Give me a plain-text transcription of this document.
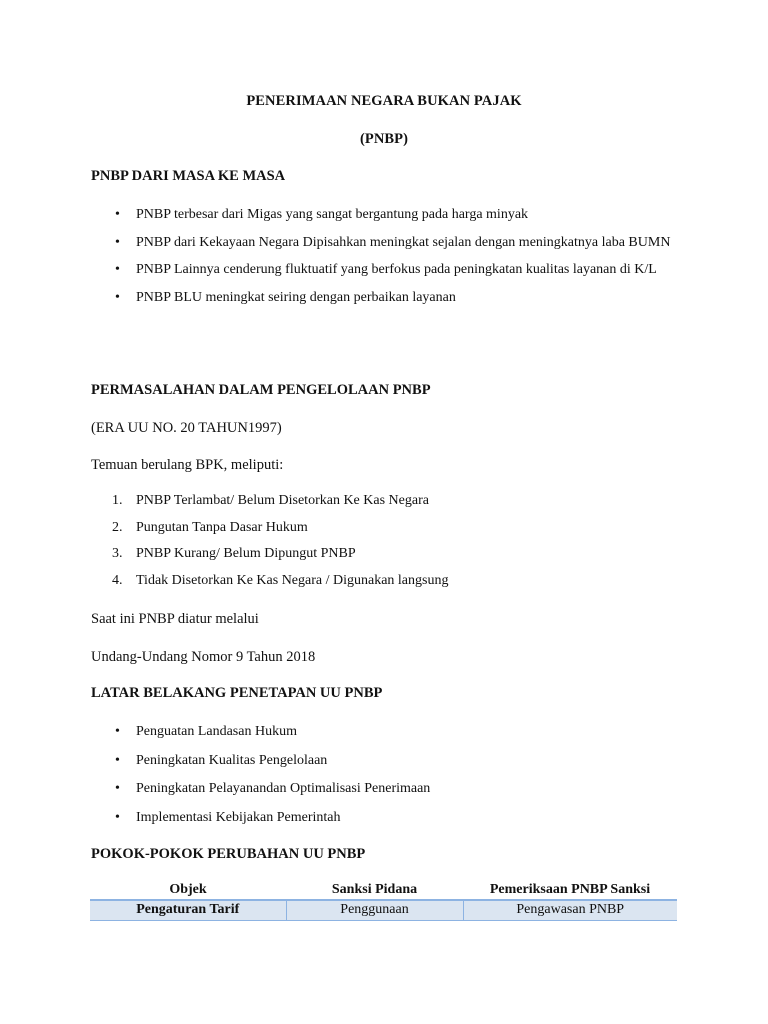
PENERIMAAN NEGARA BUKAN PAJAK
(PNBP)
PNBP DARI MASA KE MASA
• PNBP terbesar dari Migas yang sangat bergantung pada harga minyak
• PNBP dari Kekayaan Negara Dipisahkan meningkat sejalan dengan meningkatnya laba BUMN
• PNBP Lainnya cenderung fluktuatif yang berfokus pada peningkatan kualitas layanan di K/L
• PNBP BLU meningkat seiring dengan perbaikan layanan
PERMASALAHAN DALAM PENGELOLAAN PNBP
(ERA UU NO. 20 TAHUN1997)
Temuan berulang BPK, meliputi:
1. PNBP Terlambat/ Belum Disetorkan Ke Kas Negara
2. Pungutan Tanpa Dasar Hukum
3. PNBP Kurang/ Belum Dipungut PNBP
4. Tidak Disetorkan Ke Kas Negara / Digunakan langsung
Saat ini PNBP diatur melalui
Undang-Undang Nomor 9 Tahun 2018
LATAR BELAKANG PENETAPAN UU PNBP
• Penguatan Landasan Hukum
• Peningkatan Kualitas Pengelolaan
• Peningkatan Pelayanandan Optimalisasi Penerimaan
• Implementasi Kebijakan Pemerintah
POKOK-POKOK PERUBAHAN UU PNBP
Objek	Sanksi Pidana	Pemeriksaan PNBP Sanksi
Pengaturan Tarif	Penggunaan	Pengawasan PNBP
